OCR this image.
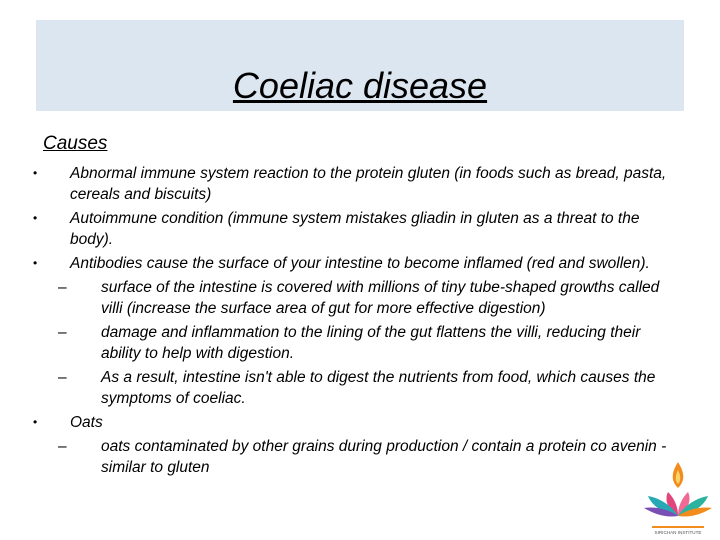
Coeliac disease
Causes
• Abnormal immune system reaction to the protein gluten (in foods such as bread, pasta, cereals and biscuits)
• Autoimmune condition (immune system mistakes gliadin in gluten as a threat to the body).
• Antibodies cause the surface of your intestine to become inflamed (red and swollen).
– surface of the intestine is covered with millions of tiny tube-shaped growths called villi (increase the surface area of gut for more effective digestion)
– damage and inflammation to the lining of the gut flattens the villi, reducing their ability to help with digestion.
– As a result, intestine isn't able to digest the nutrients from food, which causes the symptoms of coeliac.
• Oats
– oats contaminated by other grains during production / contain a protein co avenin - similar to gluten
SIRICHAN INSTITUTE
